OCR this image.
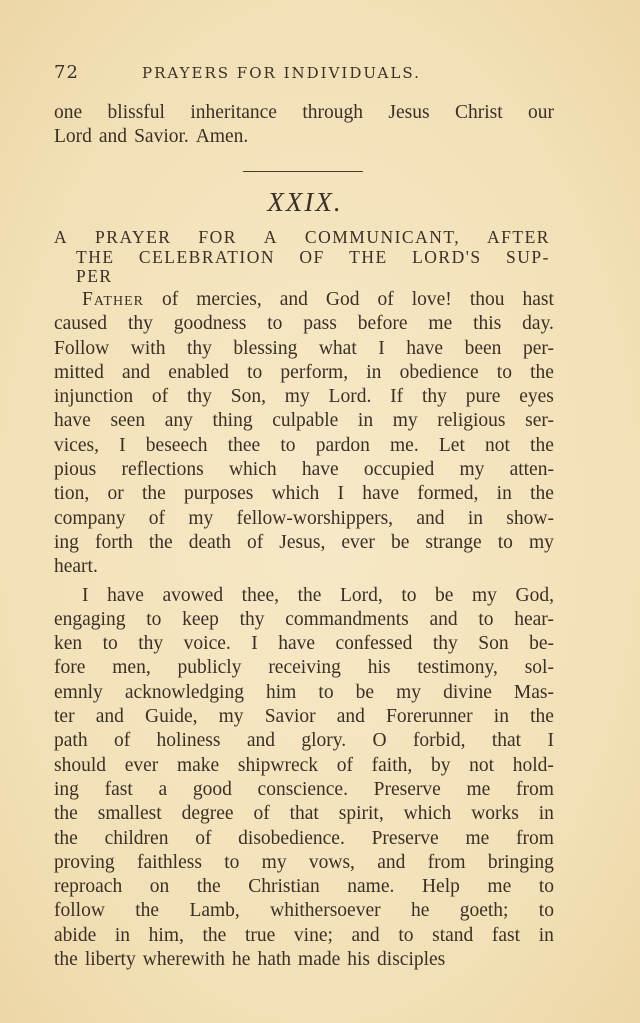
72	PRAYERS FOR INDIVIDUALS.
one blissful inheritance through Jesus Christ our
Lord and Savior. Amen.
XXIX.
A PRAYER FOR A COMMUNICANT, AFTER
THE CELEBRATION OF THE LORD'S SUP-
PER
Father of mercies, and God of love! thou hast
caused thy goodness to pass before me this day.
Follow with thy blessing what I have been per-
mitted and enabled to perform, in obedience to the
injunction of thy Son, my Lord. If thy pure eyes
have seen any thing culpable in my religious ser-
vices, I beseech thee to pardon me. Let not the
pious reflections which have occupied my atten-
tion, or the purposes which I have formed, in the
company of my fellow-worshippers, and in show-
ing forth the death of Jesus, ever be strange to my
heart.
I have avowed thee, the Lord, to be my God,
engaging to keep thy commandments and to hear-
ken to thy voice. I have confessed thy Son be-
fore men, publicly receiving his testimony, sol-
emnly acknowledging him to be my divine Mas-
ter and Guide, my Savior and Forerunner in the
path of holiness and glory. O forbid, that I
should ever make shipwreck of faith, by not hold-
ing fast a good conscience. Preserve me from
the smallest degree of that spirit, which works in
the children of disobedience. Preserve me from
proving faithless to my vows, and from bringing
reproach on the Christian name. Help me to
follow the Lamb, whithersoever he goeth; to
abide in him, the true vine; and to stand fast in
the liberty wherewith he hath made his disciples
